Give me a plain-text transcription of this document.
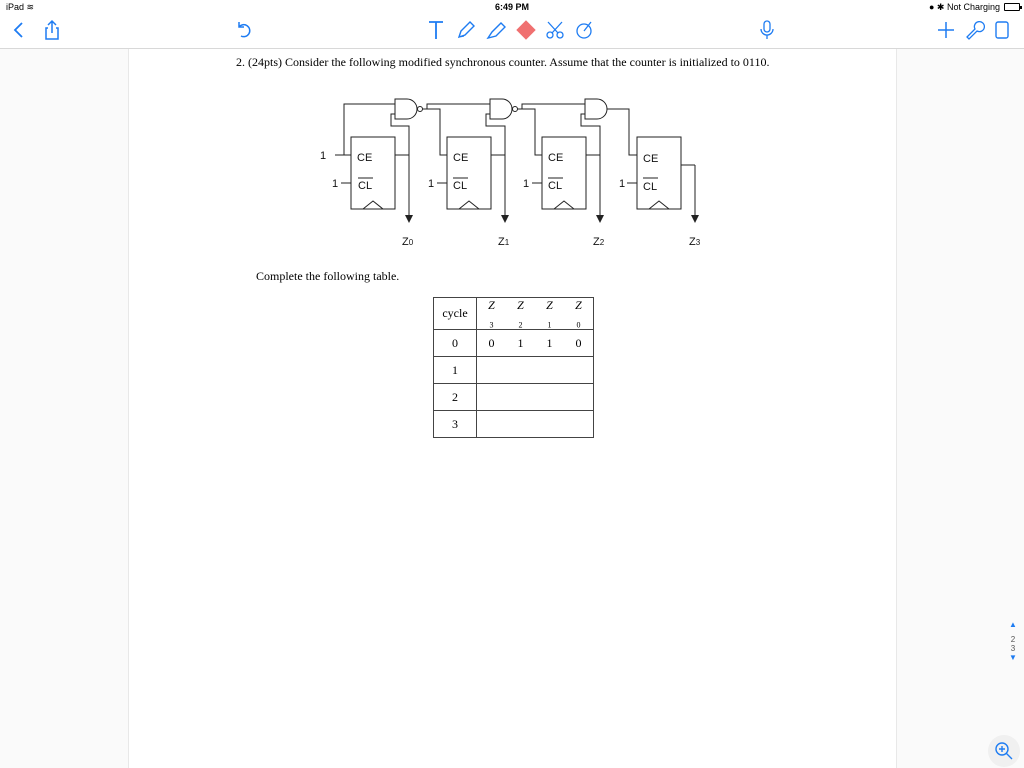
iPad ≋	6:49 PM	● ✱ Not Charging
2. (24pts) Consider the following modified synchronous counter. Assume that the counter is initialized to 0110.
CE	CE	CE	CE
CL	CL	CL	CL
1
1	1	1	1
Z0	Z1	Z2	Z3
Complete the following table.
cycle	$Z_3Z_2Z_1Z_0$
0	0 1 1 0
1	
2	
3	
▲
2
3
▼
